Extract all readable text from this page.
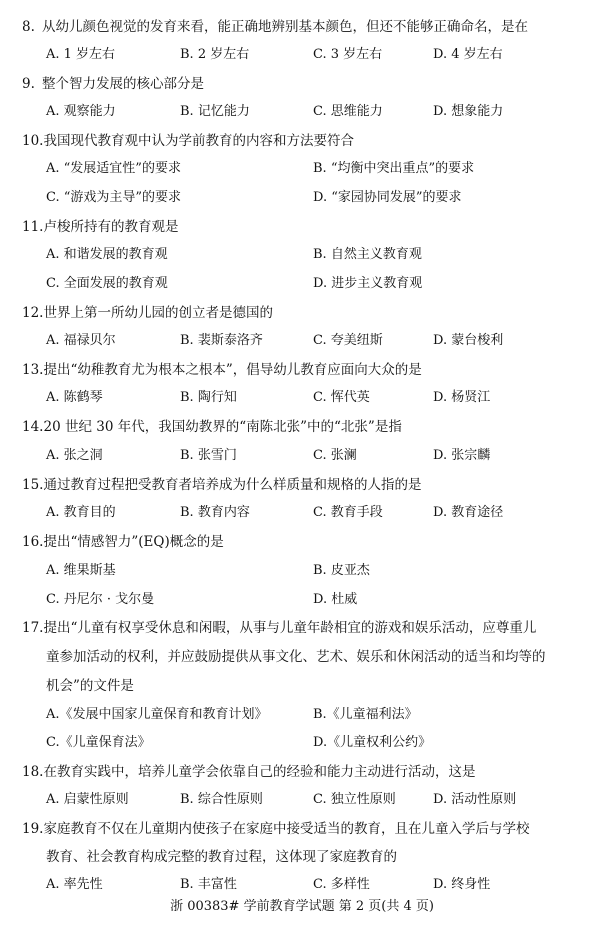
8. 从幼儿颜色视觉的发育来看，能正确地辨别基本颜色，但还不能够正确命名，是在
A. 1 岁左右	B. 2 岁左右	C. 3 岁左右	D. 4 岁左右
9. 整个智力发展的核心部分是
A. 观察能力	B. 记忆能力	C. 思维能力	D. 想象能力
10.我国现代教育观中认为学前教育的内容和方法要符合
A. “发展适宜性”的要求	B. “均衡中突出重点”的要求
C. “游戏为主导”的要求	D. “家园协同发展”的要求
11.卢梭所持有的教育观是
A. 和谐发展的教育观	B. 自然主义教育观
C. 全面发展的教育观	D. 进步主义教育观
12.世界上第一所幼儿园的创立者是德国的
A. 福禄贝尔	B. 裴斯泰洛齐	C. 夸美纽斯	D. 蒙台梭利
13.提出“幼稚教育尤为根本之根本”，倡导幼儿教育应面向大众的是
A. 陈鹤琴	B. 陶行知	C. 恽代英	D. 杨贤江
14.20 世纪 30 年代，我国幼教界的“南陈北张”中的“北张”是指
A. 张之洞	B. 张雪门	C. 张澜	D. 张宗麟
15.通过教育过程把受教育者培养成为什么样质量和规格的人指的是
A. 教育目的	B. 教育内容	C. 教育手段	D. 教育途径
16.提出“情感智力”(EQ)概念的是
A. 维果斯基	B. 皮亚杰
C. 丹尼尔 · 戈尔曼	D. 杜威
17.提出“儿童有权享受休息和闲暇，从事与儿童年龄相宜的游戏和娱乐活动，应尊重儿
童参加活动的权利，并应鼓励提供从事文化、艺术、娱乐和休闲活动的适当和均等的
机会”的文件是
A.《发展中国家儿童保育和教育计划》	B.《儿童福利法》
C.《儿童保育法》	D.《儿童权利公约》
18.在教育实践中，培养儿童学会依靠自己的经验和能力主动进行活动，这是
A. 启蒙性原则	B. 综合性原则	C. 独立性原则	D. 活动性原则
19.家庭教育不仅在儿童期内使孩子在家庭中接受适当的教育，且在儿童入学后与学校
教育、社会教育构成完整的教育过程，这体现了家庭教育的
A. 率先性	B. 丰富性	C. 多样性	D. 终身性
浙 00383# 学前教育学试题 第 2 页(共 4 页)
